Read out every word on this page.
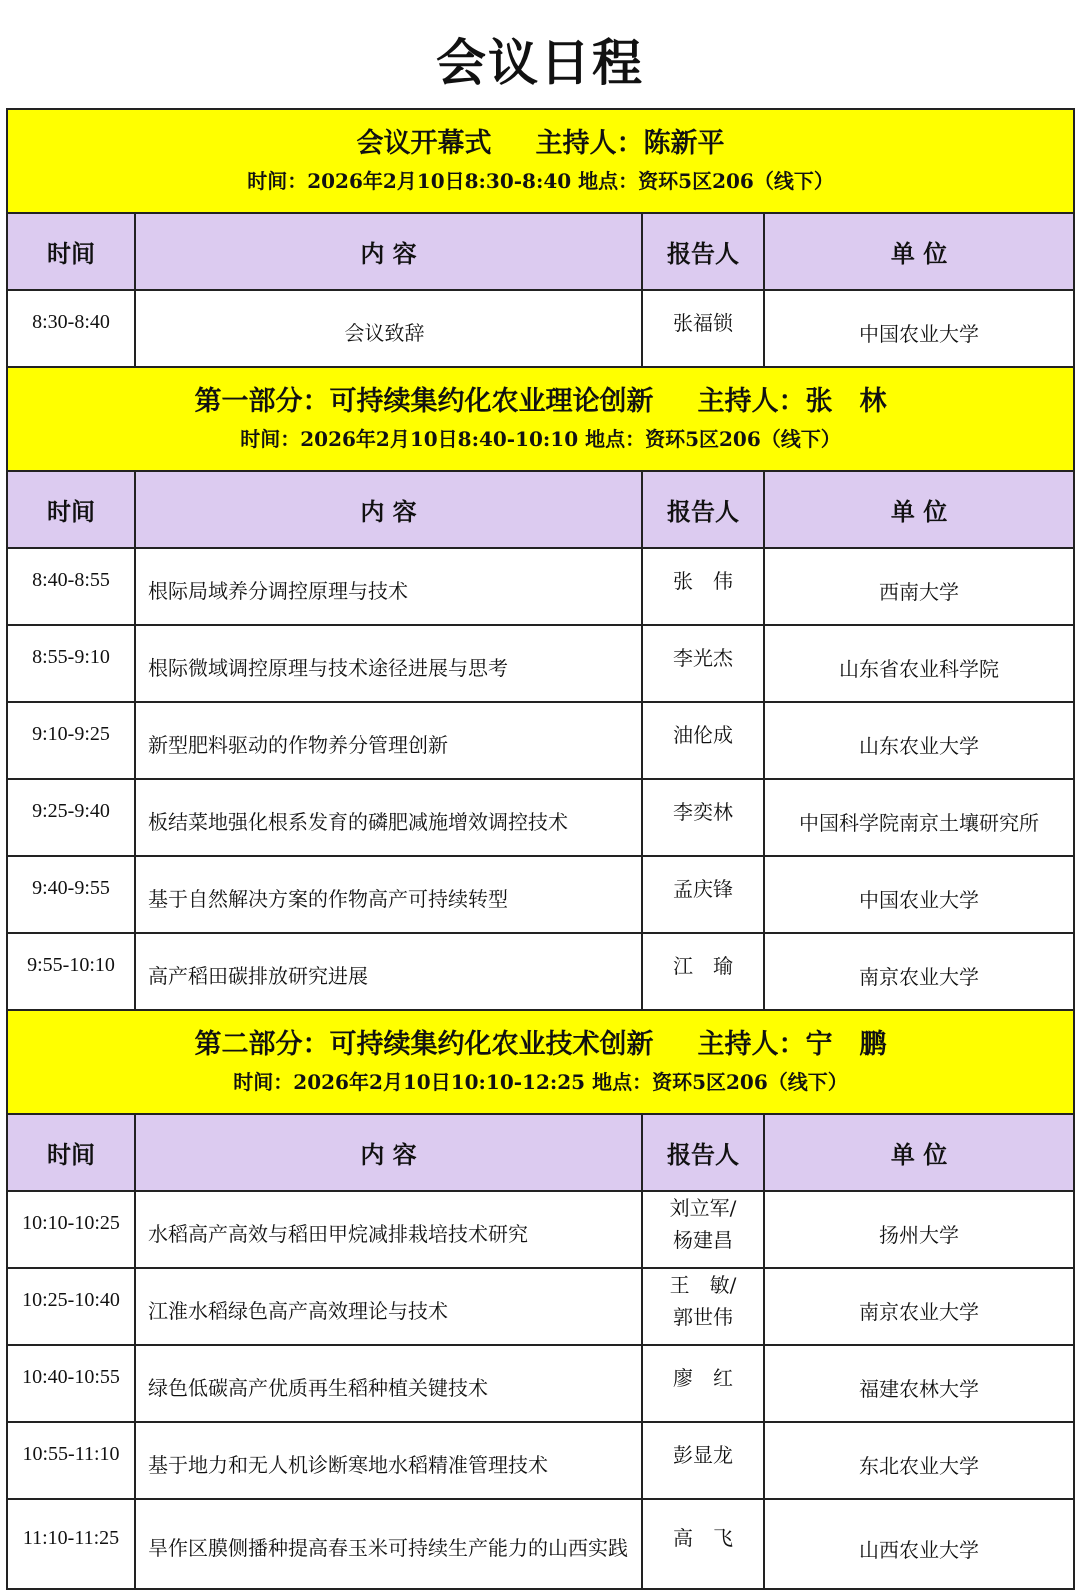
会议日程
会议开幕式 主持人：陈新平
时间：2026年2月10日8:30-8:40 地点：资环5区206（线下）			

时间	内 容	报告人	单 位
8:30-8:40	会议致辞	张福锁	中国农业大学

第一部分：可持续集约化农业理论创新 主持人：张　林
时间：2026年2月10日8:40-10:10 地点：资环5区206（线下）			

时间	内 容	报告人	单 位
8:40-8:55	根际局域养分调控原理与技术	张　伟	西南大学
8:55-9:10	根际微域调控原理与技术途径进展与思考	李光杰	山东省农业科学院
9:10-9:25	新型肥料驱动的作物养分管理创新	油伦成	山东农业大学
9:25-9:40	板结菜地强化根系发育的磷肥减施增效调控技术	李奕林	中国科学院南京土壤研究所
9:40-9:55	基于自然解决方案的作物高产可持续转型	孟庆锋	中国农业大学
9:55-10:10	高产稻田碳排放研究进展	江　瑜	南京农业大学

第二部分：可持续集约化农业技术创新 主持人：宁　鹏
时间：2026年2月10日10:10-12:25 地点：资环5区206（线下）			

时间	内 容	报告人	单 位
10:10-10:25	水稻高产高效与稻田甲烷减排栽培技术研究	刘立军/
杨建昌	扬州大学
10:25-10:40	江淮水稻绿色高产高效理论与技术	王　敏/
郭世伟	南京农业大学
10:40-10:55	绿色低碳高产优质再生稻种植关键技术	廖　红	福建农林大学
10:55-11:10	基于地力和无人机诊断寒地水稻精准管理技术	彭显龙	东北农业大学
11:10-11:25	旱作区膜侧播种提高春玉米可持续生产能力的山西实践	高　飞	山西农业大学
